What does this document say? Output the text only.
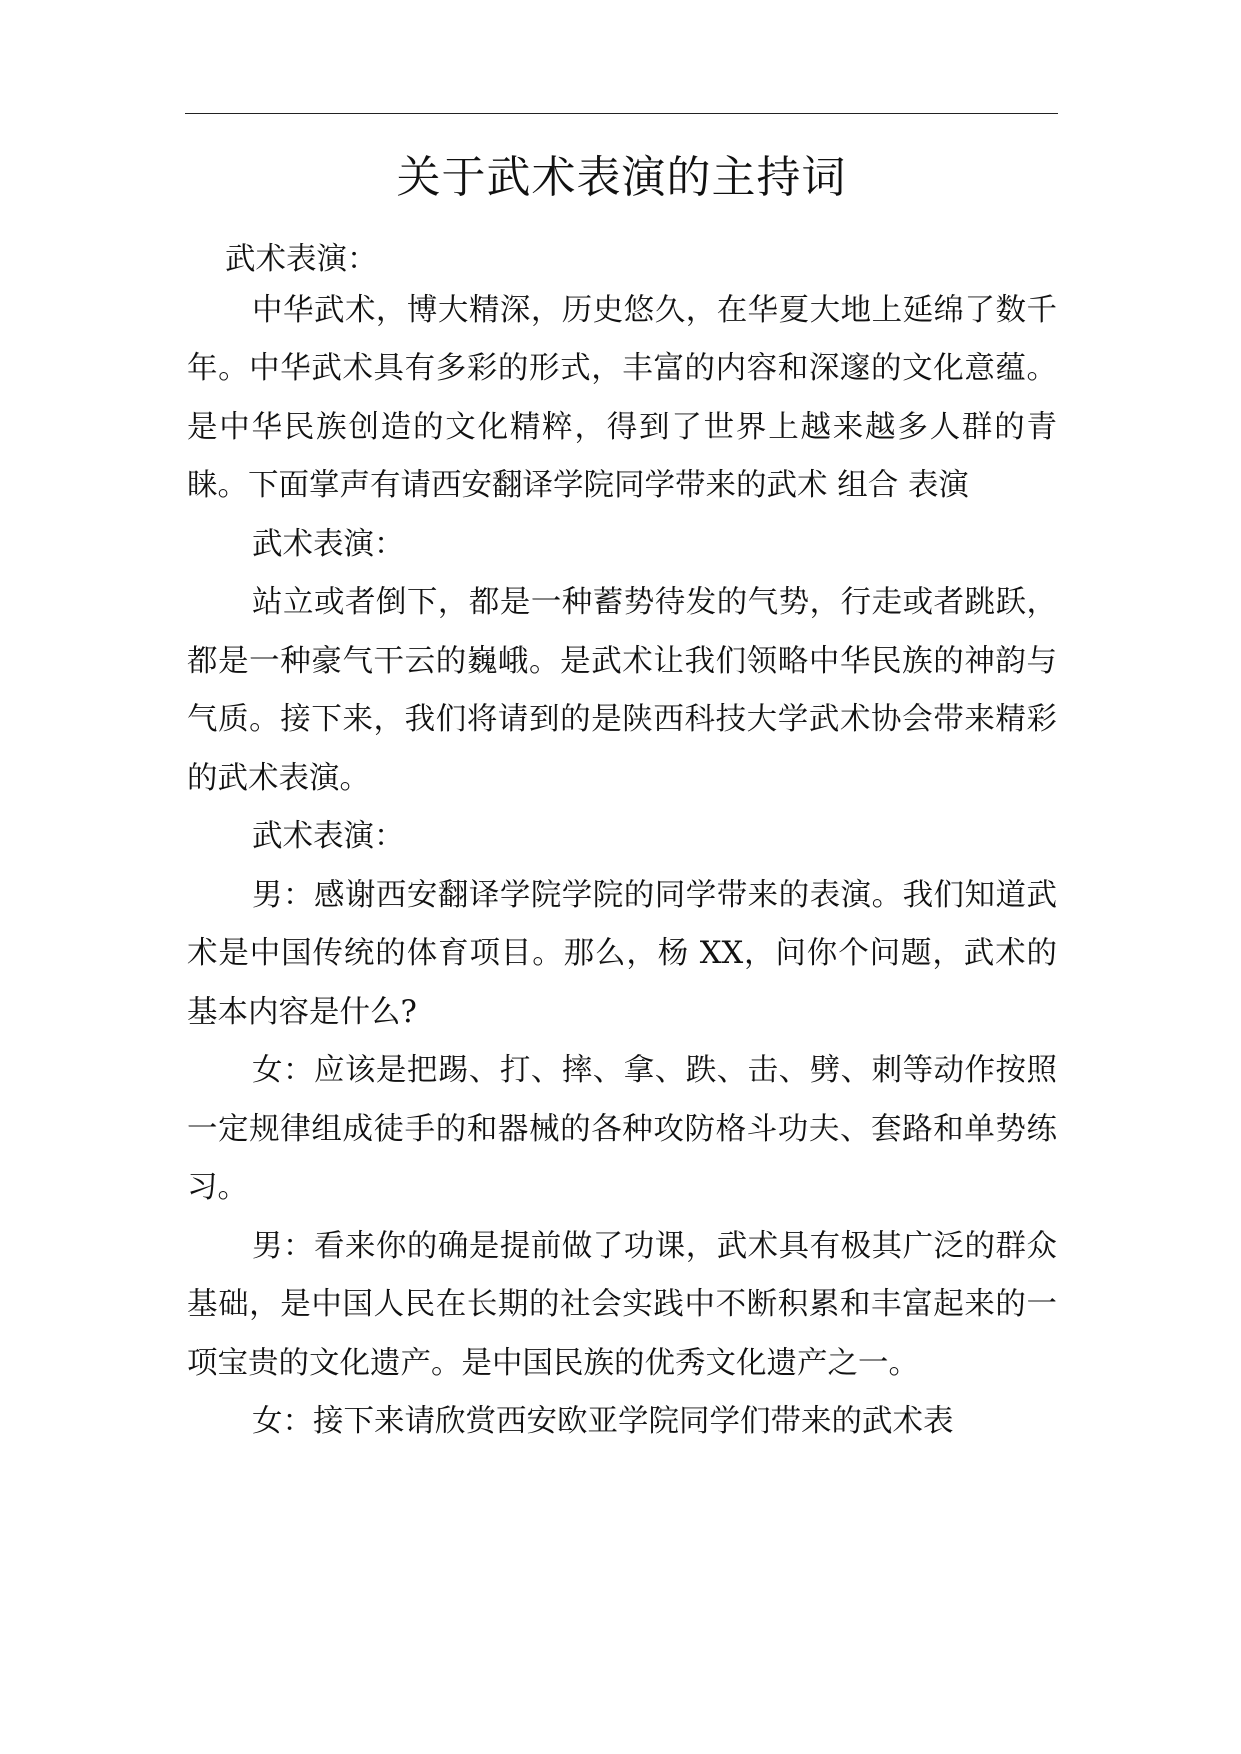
关于武术表演的主持词

武术表演：

中华武术，博大精深，历史悠久，在华夏大地上延绵了数千年。中华武术具有多彩的形式，丰富的内容和深邃的文化意蕴。是中华民族创造的文化精粹，得到了世界上越来越多人群的青睐。下面掌声有请西安翻译学院同学带来的武术 组合 表演

武术表演：

站立或者倒下，都是一种蓄势待发的气势，行走或者跳跃，都是一种豪气干云的巍峨。是武术让我们领略中华民族的神韵与气质。接下来，我们将请到的是陕西科技大学武术协会带来精彩的武术表演。

武术表演：

男：感谢西安翻译学院学院的同学带来的表演。我们知道武术是中国传统的体育项目。那么，杨 XX，问你个问题，武术的基本内容是什么?

女：应该是把踢、打、摔、拿、跌、击、劈、刺等动作按照一定规律组成徒手的和器械的各种攻防格斗功夫、套路和单势练习。

男：看来你的确是提前做了功课，武术具有极其广泛的群众基础，是中国人民在长期的社会实践中不断积累和丰富起来的一项宝贵的文化遗产。是中国民族的优秀文化遗产之一。

女：接下来请欣赏西安欧亚学院同学们带来的武术表
